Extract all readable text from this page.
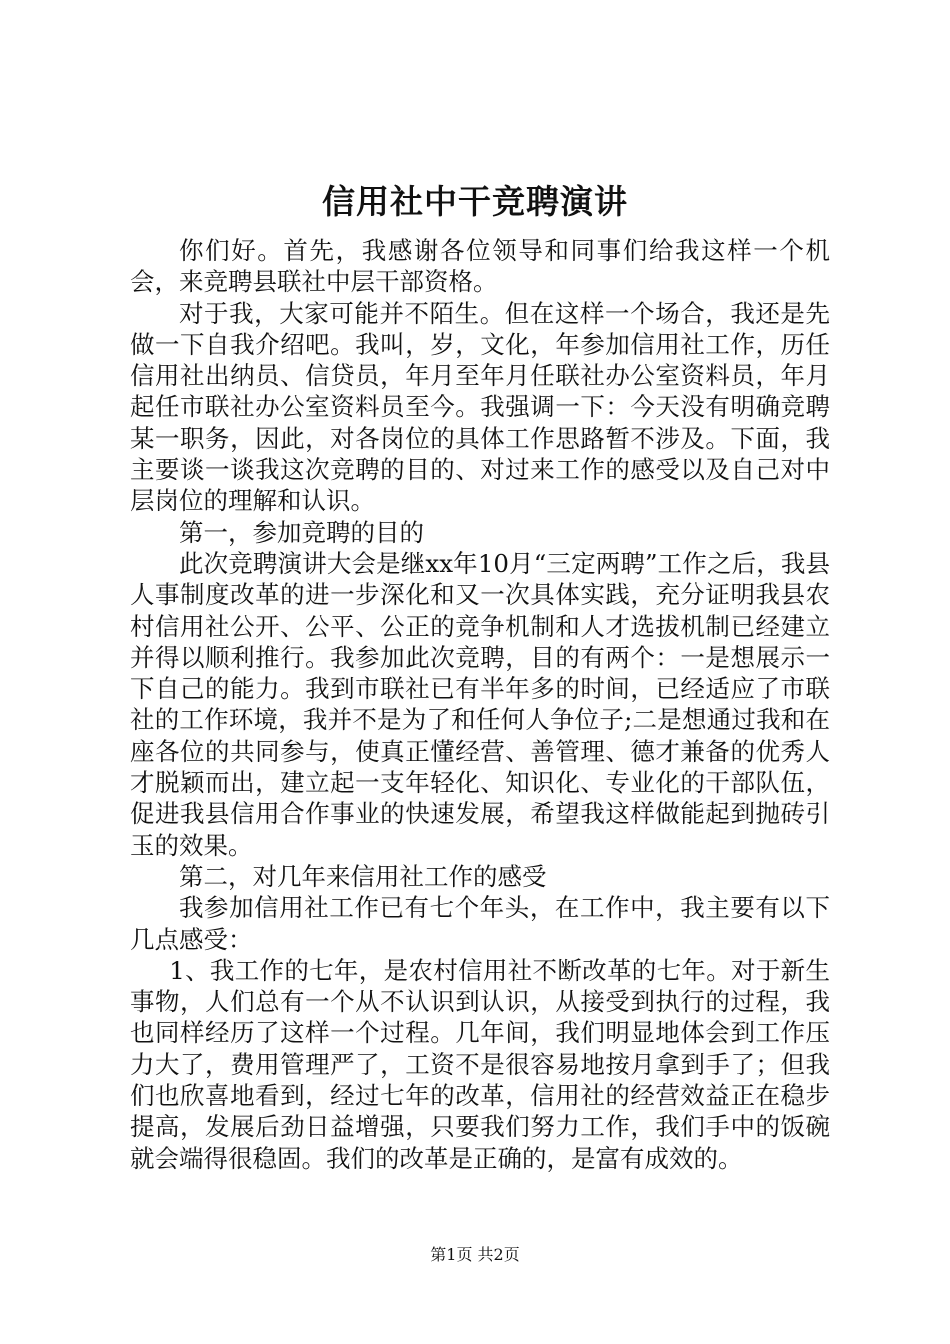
信用社中干竞聘演讲

你们好。首先，我感谢各位领导和同事们给我这样一个机会，来竞聘县联社中层干部资格。

对于我，大家可能并不陌生。但在这样一个场合，我还是先做一下自我介绍吧。我叫，岁，文化，年参加信用社工作，历任信用社出纳员、信贷员，年月至年月任联社办公室资料员，年月起任市联社办公室资料员至今。我强调一下：今天没有明确竞聘某一职务，因此，对各岗位的具体工作思路暂不涉及。下面，我主要谈一谈我这次竞聘的目的、对过来工作的感受以及自己对中层岗位的理解和认识。

第一，参加竞聘的目的

此次竞聘演讲大会是继xx年10月“三定两聘”工作之后，我县人事制度改革的进一步深化和又一次具体实践，充分证明我县农村信用社公开、公平、公正的竞争机制和人才选拔机制已经建立并得以顺利推行。我参加此次竞聘，目的有两个：一是想展示一下自己的能力。我到市联社已有半年多的时间，已经适应了市联社的工作环境，我并不是为了和任何人争位子;二是想通过我和在座各位的共同参与，使真正懂经营、善管理、德才兼备的优秀人才脱颖而出，建立起一支年轻化、知识化、专业化的干部队伍，促进我县信用合作事业的快速发展，希望我这样做能起到抛砖引玉的效果。

第二，对几年来信用社工作的感受

我参加信用社工作已有七个年头，在工作中，我主要有以下几点感受：

1、我工作的七年，是农村信用社不断改革的七年。对于新生事物，人们总有一个从不认识到认识，从接受到执行的过程，我也同样经历了这样一个过程。几年间，我们明显地体会到工作压力大了，费用管理严了，工资不是很容易地按月拿到手了；但我们也欣喜地看到，经过七年的改革，信用社的经营效益正在稳步提高，发展后劲日益增强，只要我们努力工作，我们手中的饭碗就会端得很稳固。我们的改革是正确的，是富有成效的。

第1页 共2页
